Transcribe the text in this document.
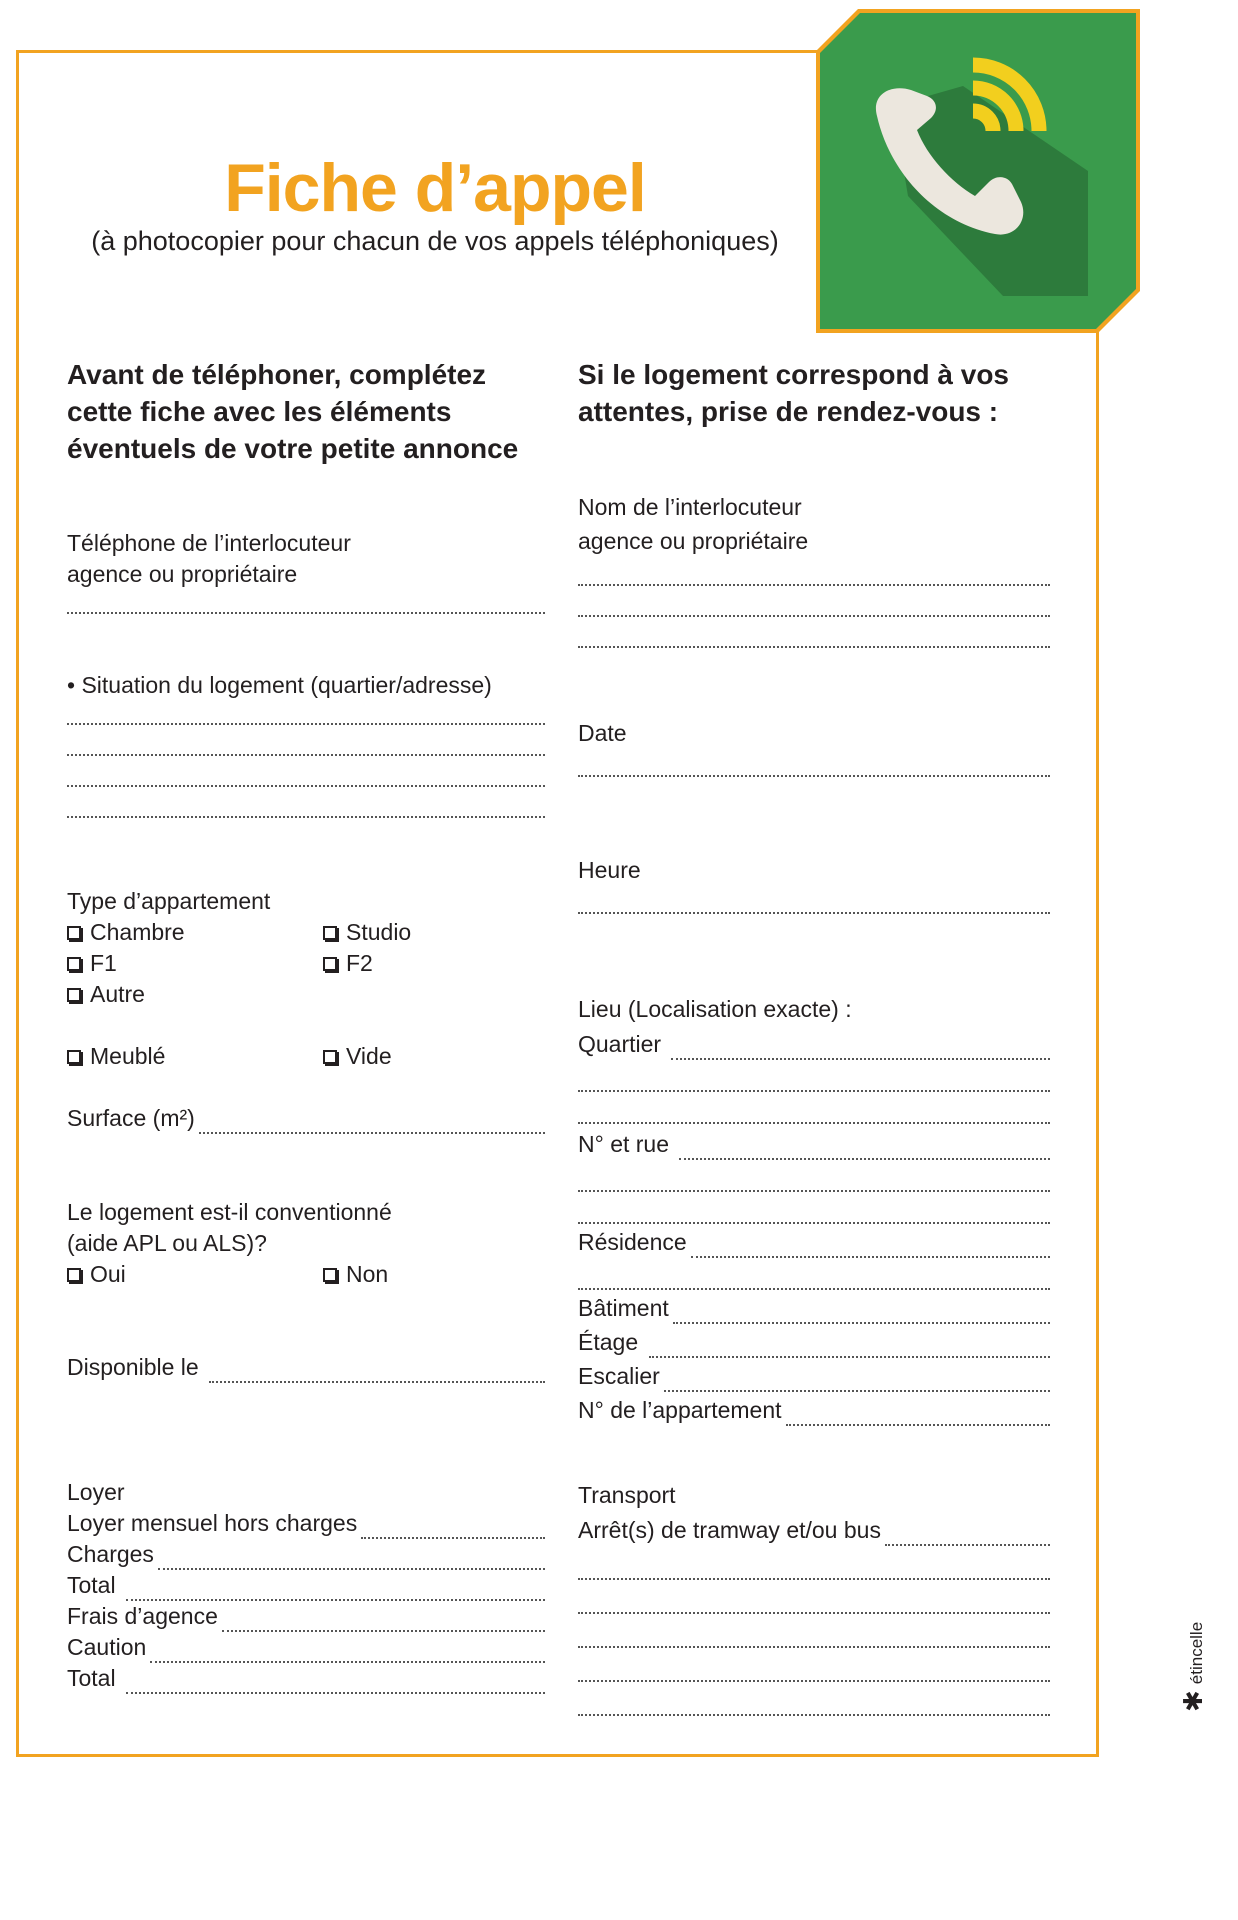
Fiche d’appel

(à photocopier pour chacun de vos appels téléphoniques)

Avant de téléphoner, complétez
cette fiche avec les éléments
éventuels de votre petite annonce

Téléphone de l’interlocuteur
agence ou propriétaire

• Situation du logement (quartier/adresse)

Type d’appartement

Chambre	Studio
F1	F2
Autre
Meublé	Vide
Surface (m²)

Le logement est-il conventionné
(aide APL ou ALS)?

Oui	Non
Disponible le

Loyer

Loyer mensuel hors charges
Charges
Total
Frais d’agence
Caution
Total

Si le logement correspond à vos
attentes, prise de rendez-vous :

Nom de l’interlocuteur
agence ou propriétaire

Date

Heure

Lieu (Localisation exacte) :

Quartier
N° et rue
Résidence
Bâtiment
Étage
Escalier
N° de l’appartement

Transport

Arrêt(s) de tramway et/ou bus
✱étincelle
